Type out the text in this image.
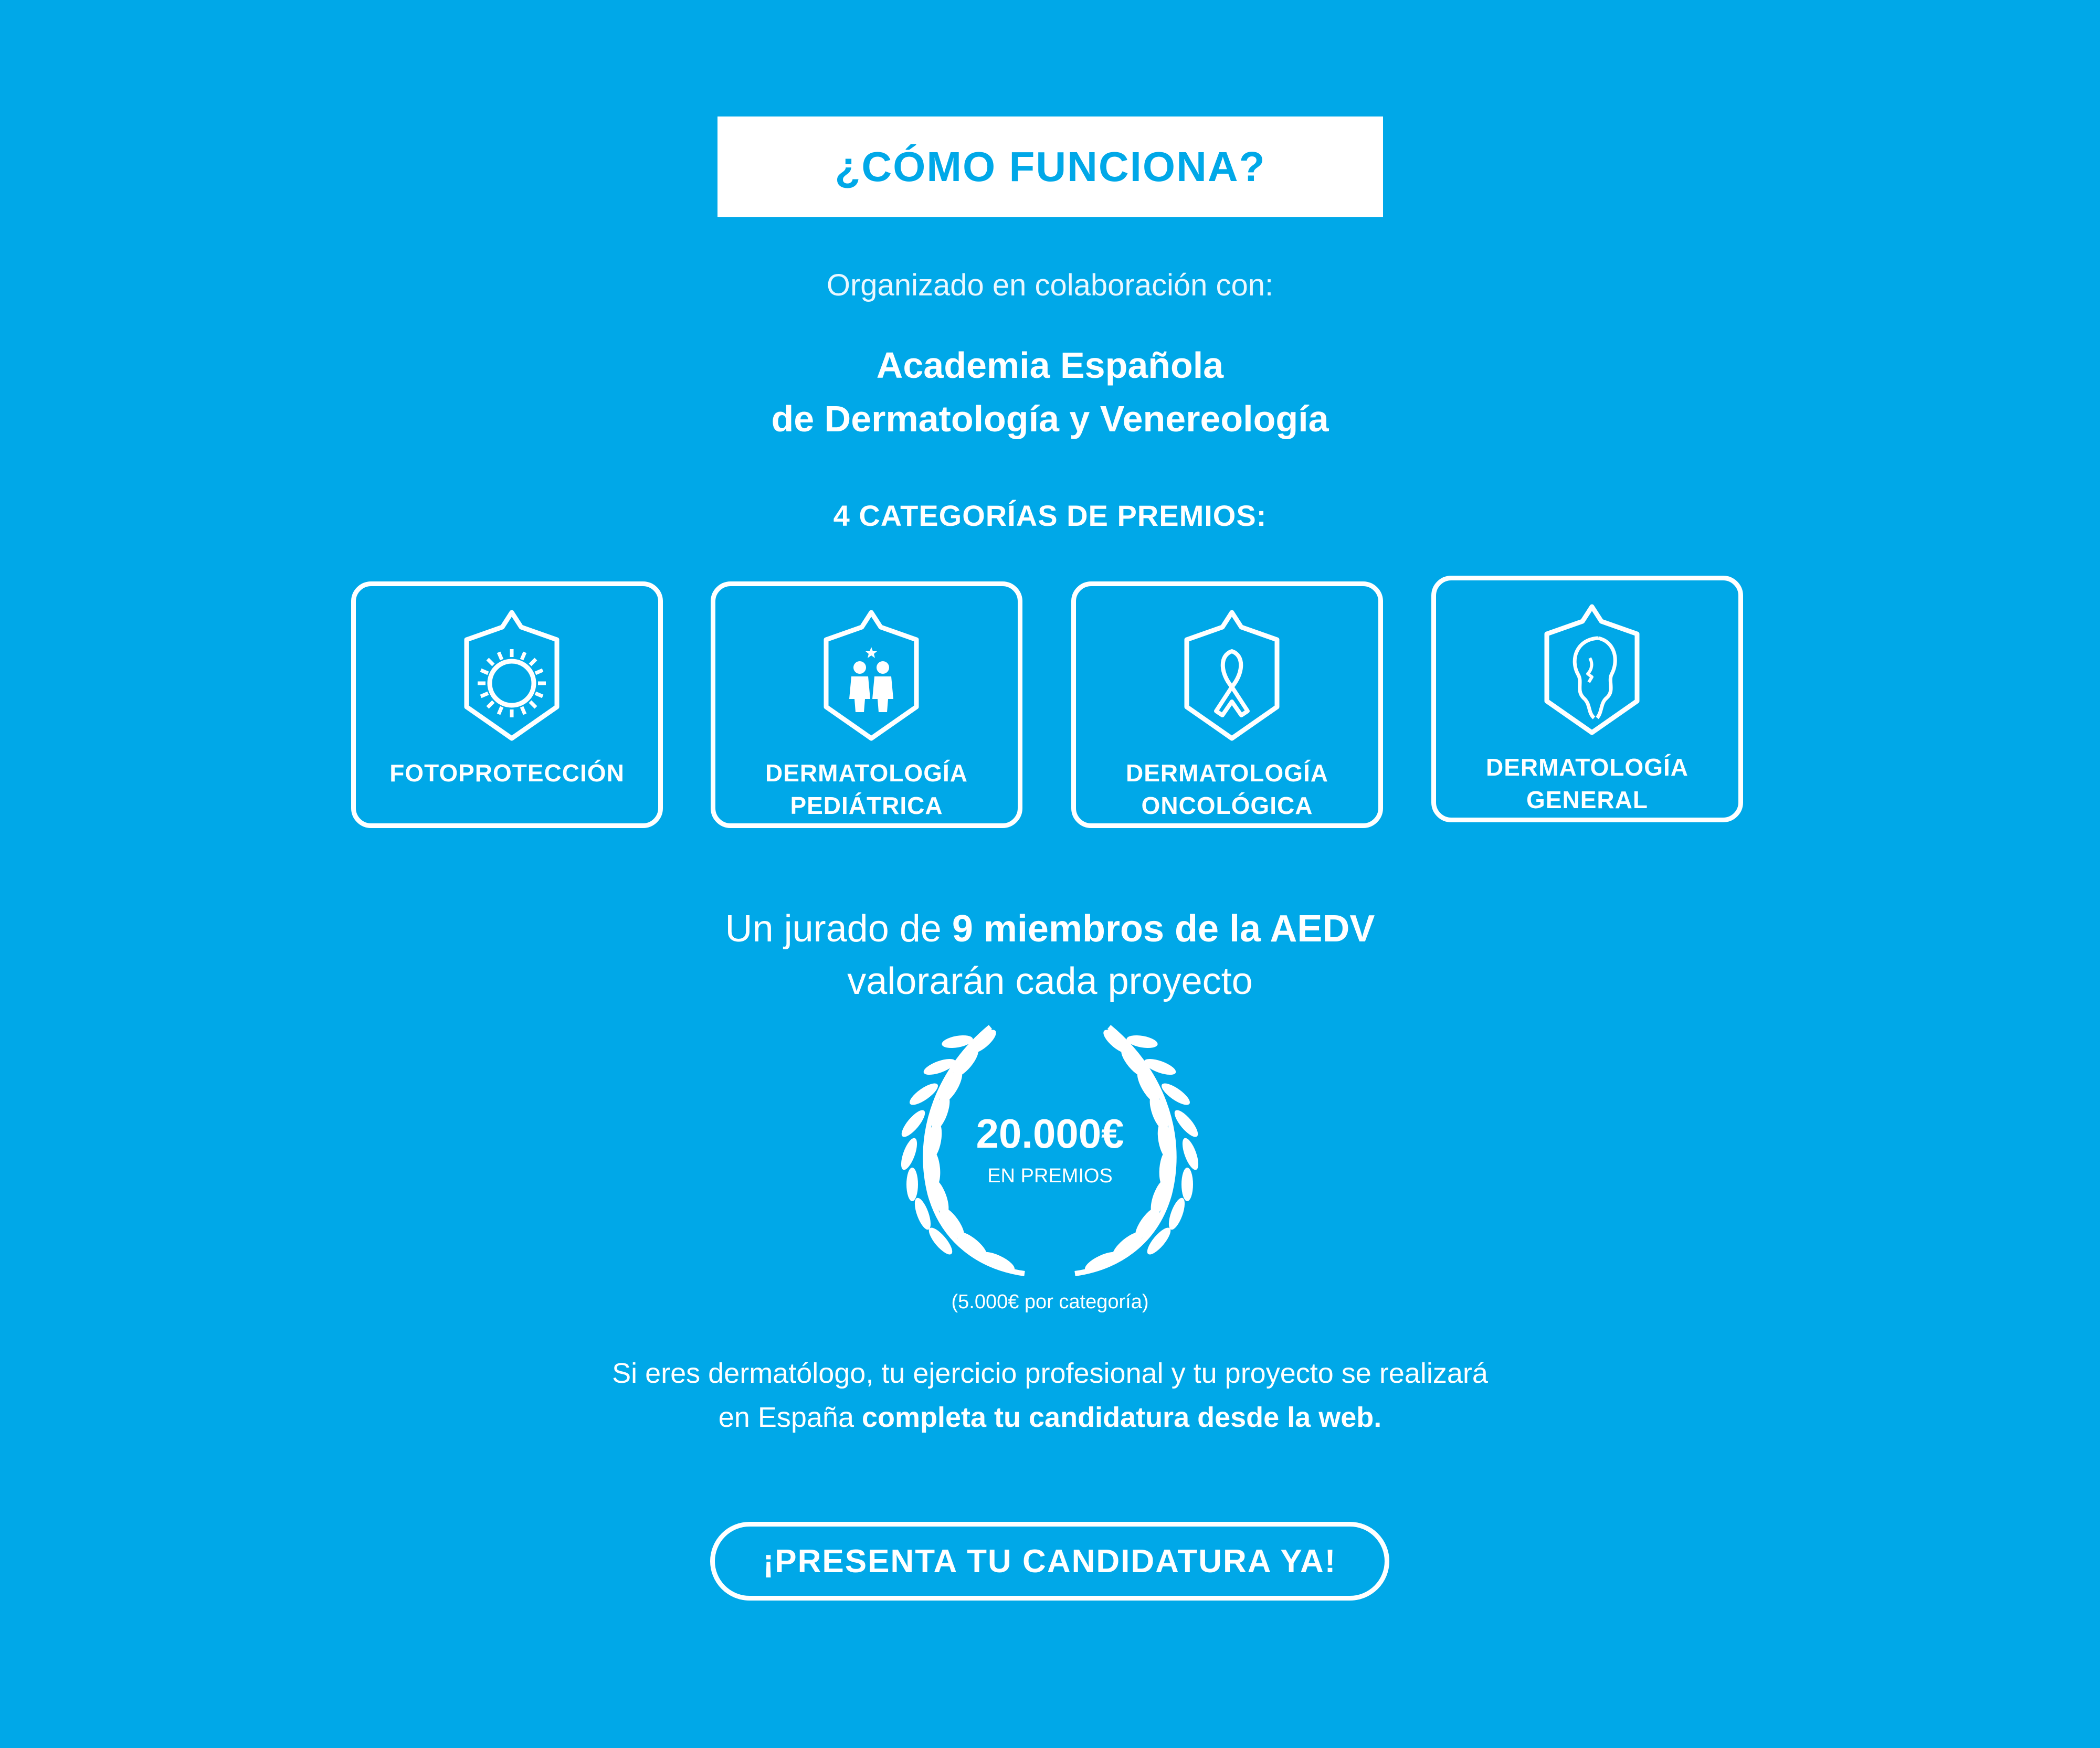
¿CÓMO FUNCIONA?
Organizado en colaboración con:
Academia Española
de Dermatología y Venereología
4 CATEGORÍAS DE PREMIOS:
FOTOPROTECCIÓN	DERMATOLOGÍA
PEDIÁTRICA
DERMATOLOGÍA
ONCOLÓGICA
DERMATOLOGÍA
GENERAL
Un jurado de 9 miembros de la AEDV
valorarán cada proyecto
20.000€
EN PREMIOS
(5.000€ por categoría)
Si eres dermatólogo, tu ejercicio profesional y tu proyecto se realizará
en España completa tu candidatura desde la web.
¡PRESENTA TU CANDIDATURA YA!
